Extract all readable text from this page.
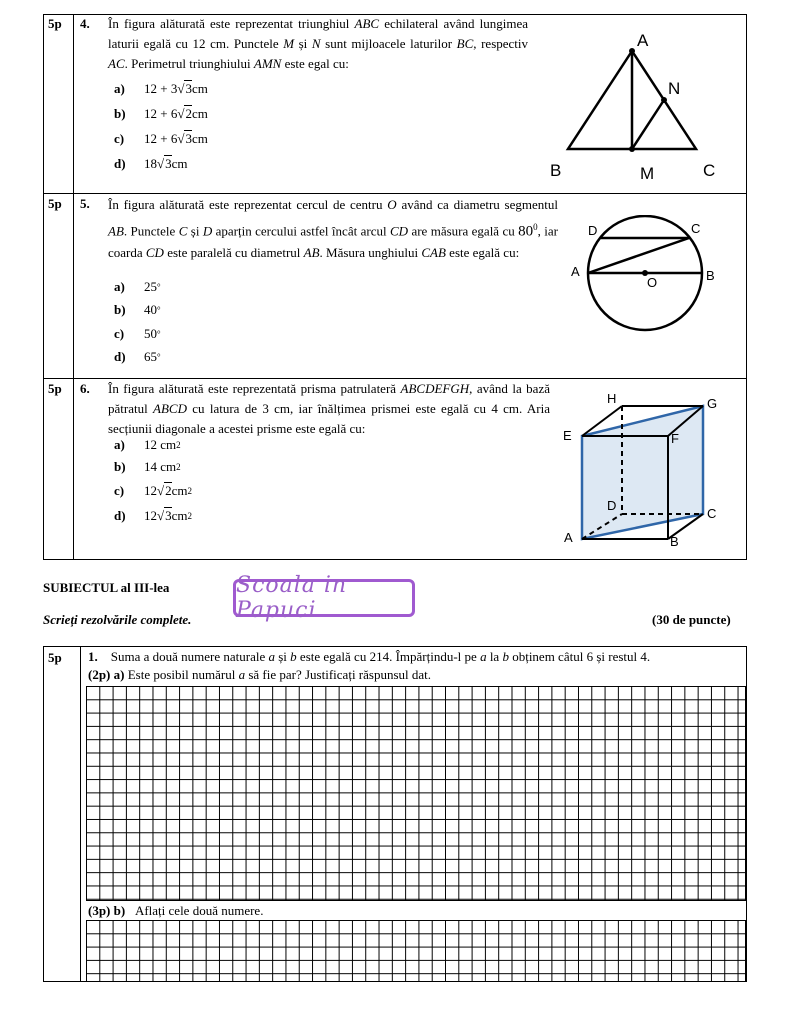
5p 4. În figura alăturată este reprezentat triunghiul ABC echilateral având lungimea laturii egală cu 12 cm. Punctele M și N sunt mijloacele laturilor BC, respectiv AC. Perimetrul triunghiului AMN este egal cu:
a)	12 + 3 √3 cm
b)	12 + 6 √2 cm
c)	12 + 6 √3 cm
d)	18 √3 cm
A
N
B	M	C
5p 5. În figura alăturată este reprezentat cercul de centru O având ca diametru segmentul AB. Punctele C și D aparțin cercului astfel încât arcul CD are măsura egală cu $80^0$, iar coarda CD este paralelă cu diametrul AB. Măsura unghiului CAB este egală cu:
a)	25 °
b)	40 °
c)	50 °
d)	65 °
D	C
A	B
O
5p 6. În figura alăturată este reprezentată prisma patrulateră ABCDEFGH, având la bază pătratul ABCD cu latura de 3 cm, iar înălțimea prismei este egală cu 4 cm. Aria secțiunii diagonale a acestei prisme este egală cu:
a)	12 cm 2
b)	14 cm 2
c)	12 √2 cm 2
d)	12 √3 cm 2
H	G
E	F
D
C
A	B
SUBIECTUL al III-lea	Scoala in Papuci
Scrieți rezolvările complete.	(30 de puncte)
5p 1. Suma a două numere naturale a și b este egală cu 214. Împărțindu-l pe a la b obținem câtul 6 și restul 4.
(2p) a) Este posibil numărul a să fie par? Justificați răspunsul dat.
(3p) b) Aflați cele două numere.
